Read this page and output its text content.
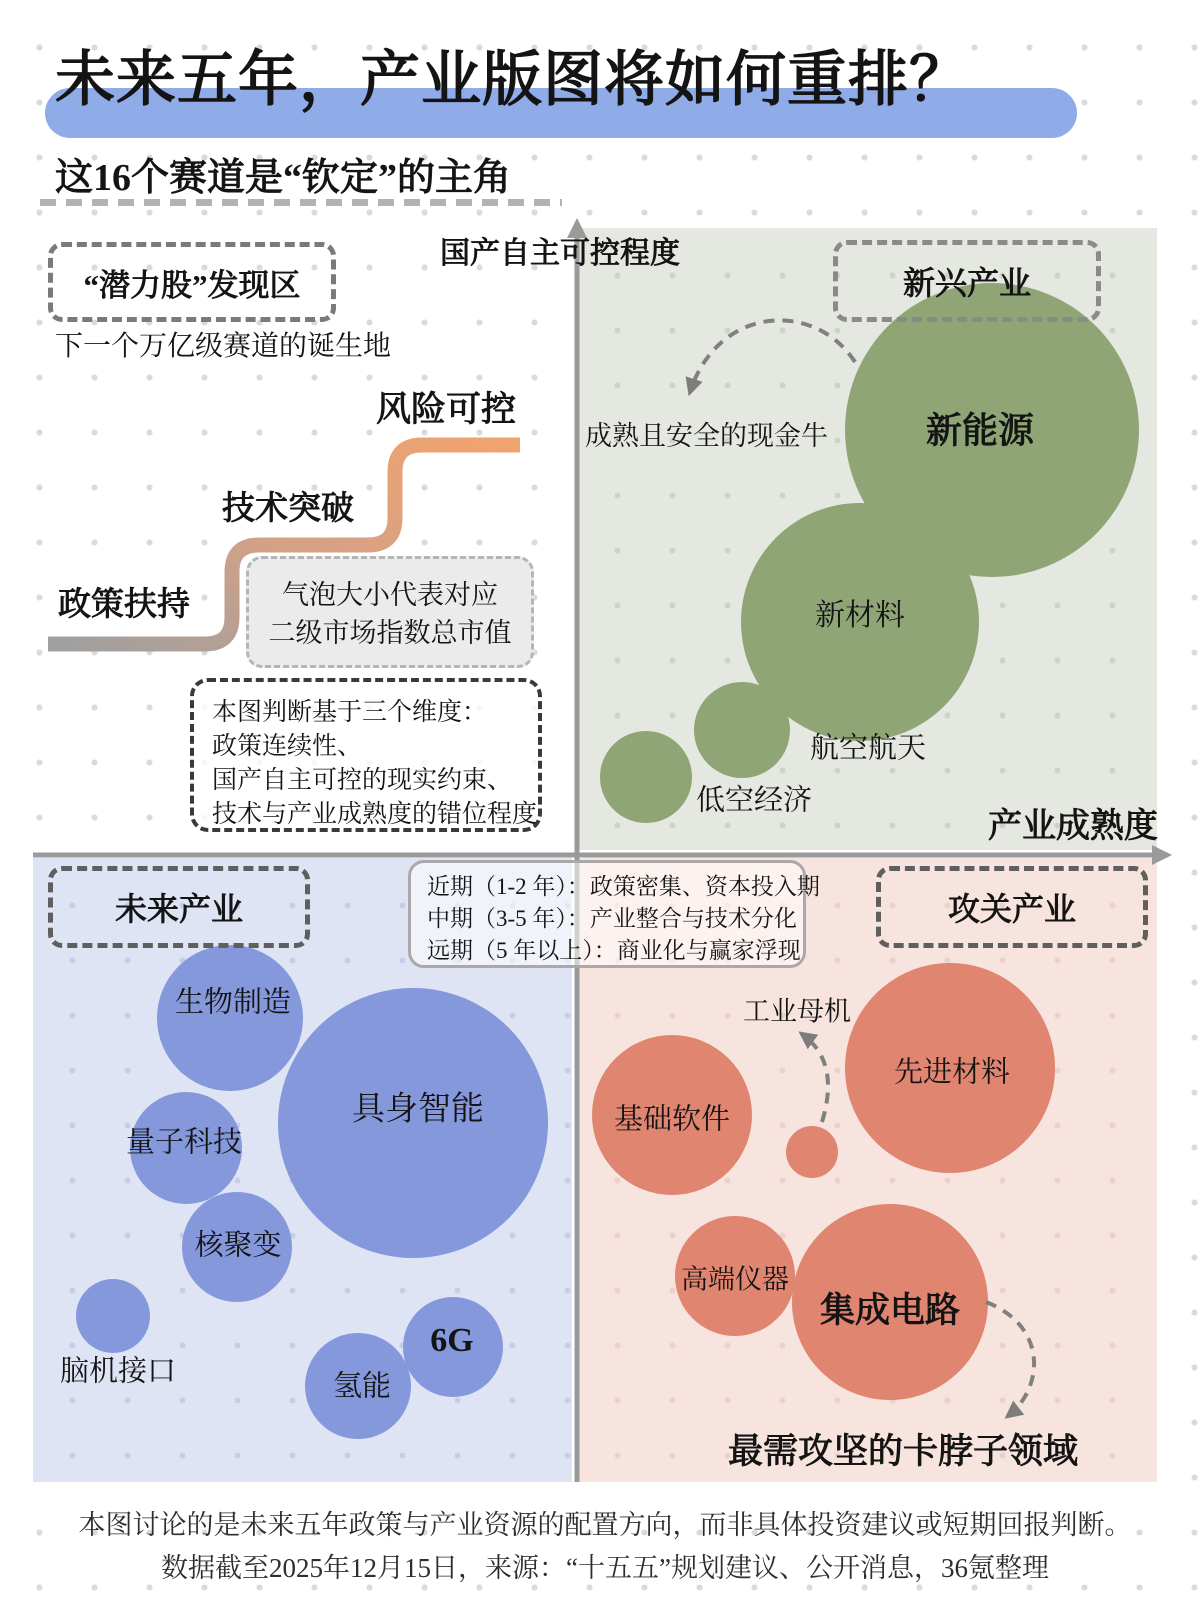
未来五年，产业版图将如何重排？
这16个赛道是“钦定”的主角
新能源
新材料
航空航天
低空经济
生物制造
具身智能
量子科技
核聚变
脑机接口	氢能
6G
基础软件
先进材料
工业母机
高端仪器
集成电路
国产自主可控程度
产业成熟度
“潜力股”发现区
下一个万亿级赛道的诞生地
政策扶持
技术突破
风险可控
气泡大小代表对应
二级市场指数总市值
本图判断基于三个维度：
政策连续性、
国产自主可控的现实约束、
技术与产业成熟度的错位程度
新兴产业
未来产业	攻关产业
近期（1-2 年）：政策密集、资本投入期
中期（3-5 年）：产业整合与技术分化
远期（5 年以上）：商业化与赢家浮现
成熟且安全的现金牛
最需攻坚的卡脖子领域
本图讨论的是未来五年政策与产业资源的配置方向，而非具体投资建议或短期回报判断。
数据截至2025年12月15日，来源：“十五五”规划建议、公开消息，36氪整理
